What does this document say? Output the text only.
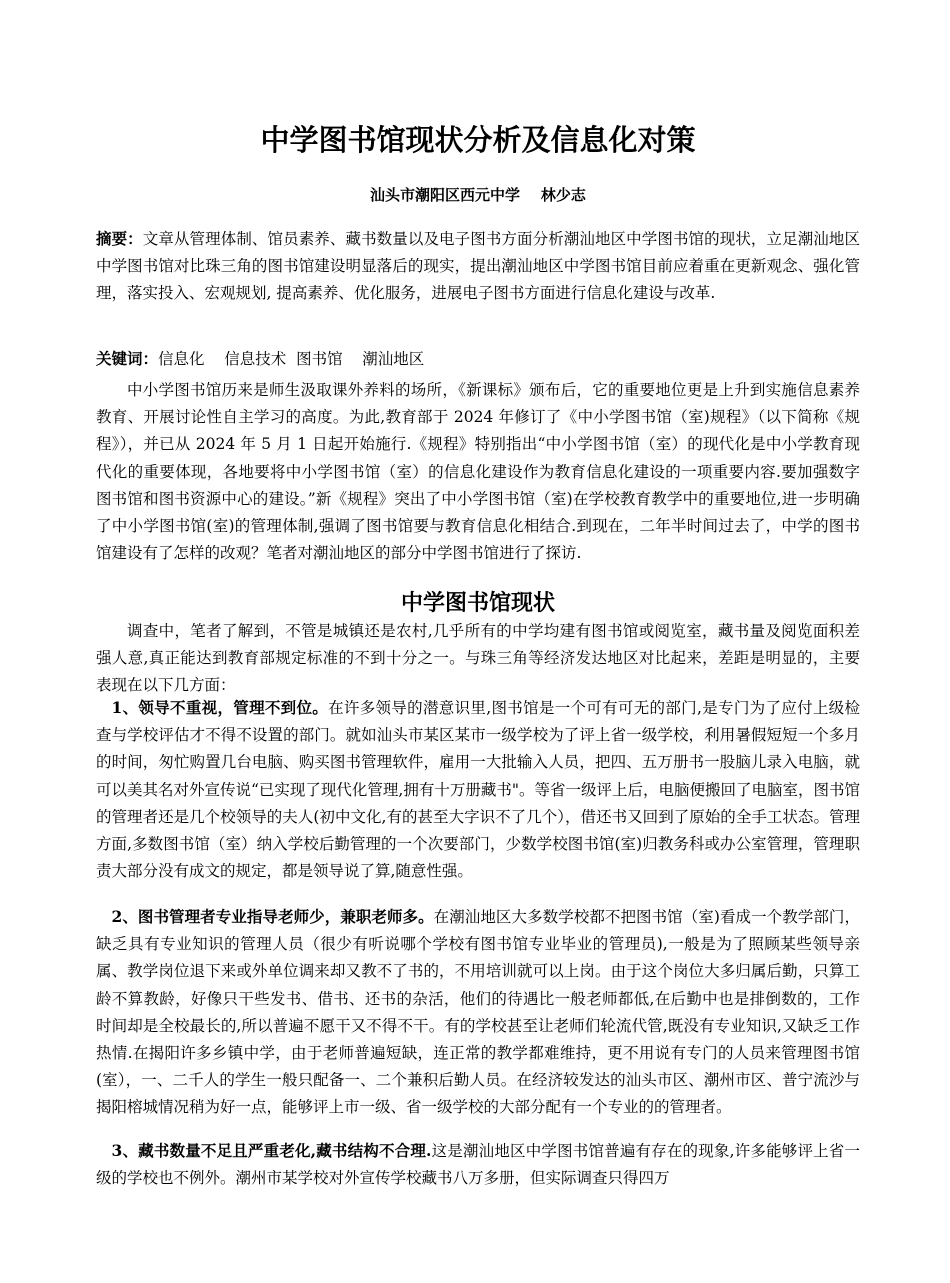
中学图书馆现状分析及信息化对策

汕头市潮阳区西元中学    林少志

摘要：文章从管理体制、馆员素养、藏书数量以及电子图书方面分析潮汕地区中学图书馆的现状，立足潮汕地区中学图书馆对比珠三角的图书馆建设明显落后的现实，提出潮汕地区中学图书馆目前应着重在更新观念、强化管理，落实投入、宏观规划, 提高素养、优化服务，进展电子图书方面进行信息化建设与改革.

关键词：信息化    信息技术  图书馆    潮汕地区

中小学图书馆历来是师生汲取课外养料的场所，《新课标》颁布后，它的重要地位更是上升到实施信息素养教育、开展讨论性自主学习的高度。为此,教育部于 2024 年修订了《中小学图书馆（室)规程》（以下简称《规程》），并已从 2024 年 5 月 1 日起开始施行.《规程》特别指出“中小学图书馆（室）的现代化是中小学教育现代化的重要体现，各地要将中小学图书馆（室）的信息化建设作为教育信息化建设的一项重要内容.要加强数字图书馆和图书资源中心的建设。”新《规程》突出了中小学图书馆（室)在学校教育教学中的重要地位,进一步明确了中小学图书馆(室)的管理体制,强调了图书馆要与教育信息化相结合.到现在，二年半时间过去了，中学的图书馆建设有了怎样的改观？笔者对潮汕地区的部分中学图书馆进行了探访.

中学图书馆现状

调查中，笔者了解到，不管是城镇还是农村,几乎所有的中学均建有图书馆或阅览室，藏书量及阅览面积差强人意,真正能达到教育部规定标准的不到十分之一。与珠三角等经济发达地区对比起来，差距是明显的，主要表现在以下几方面：

1、领导不重视，管理不到位。在许多领导的潜意识里,图书馆是一个可有可无的部门,是专门为了应付上级检查与学校评估才不得不设置的部门。就如汕头市某区某市一级学校为了评上省一级学校，利用暑假短短一个多月的时间，匆忙购置几台电脑、购买图书管理软件，雇用一大批输入人员，把四、五万册书一股脑儿录入电脑，就可以美其名对外宣传说“已实现了现代化管理,拥有十万册藏书"。等省一级评上后，电脑便搬回了电脑室，图书馆的管理者还是几个校领导的夫人(初中文化,有的甚至大字识不了几个），借还书又回到了原始的全手工状态。管理方面,多数图书馆（室）纳入学校后勤管理的一个次要部门，少数学校图书馆(室)归教务科或办公室管理，管理职责大部分没有成文的规定，都是领导说了算,随意性强。

2、图书管理者专业指导老师少，兼职老师多。在潮汕地区大多数学校都不把图书馆（室)看成一个教学部门，缺乏具有专业知识的管理人员（很少有听说哪个学校有图书馆专业毕业的管理员),一般是为了照顾某些领导亲属、教学岗位退下来或外单位调来却又教不了书的，不用培训就可以上岗。由于这个岗位大多归属后勤，只算工龄不算教龄，好像只干些发书、借书、还书的杂活，他们的待遇比一般老师都低,在后勤中也是排倒数的，工作时间却是全校最长的,所以普遍不愿干又不得不干。有的学校甚至让老师们轮流代管,既没有专业知识,又缺乏工作热情.在揭阳许多乡镇中学，由于老师普遍短缺，连正常的教学都难维持，更不用说有专门的人员来管理图书馆(室），一、二千人的学生一般只配备一、二个兼积后勤人员。在经济较发达的汕头市区、潮州市区、普宁流沙与揭阳榕城情况稍为好一点，能够评上市一级、省一级学校的大部分配有一个专业的的管理者。

3、藏书数量不足且严重老化,藏书结构不合理.这是潮汕地区中学图书馆普遍有存在的现象,许多能够评上省一级的学校也不例外。潮州市某学校对外宣传学校藏书八万多册，但实际调查只得四万
